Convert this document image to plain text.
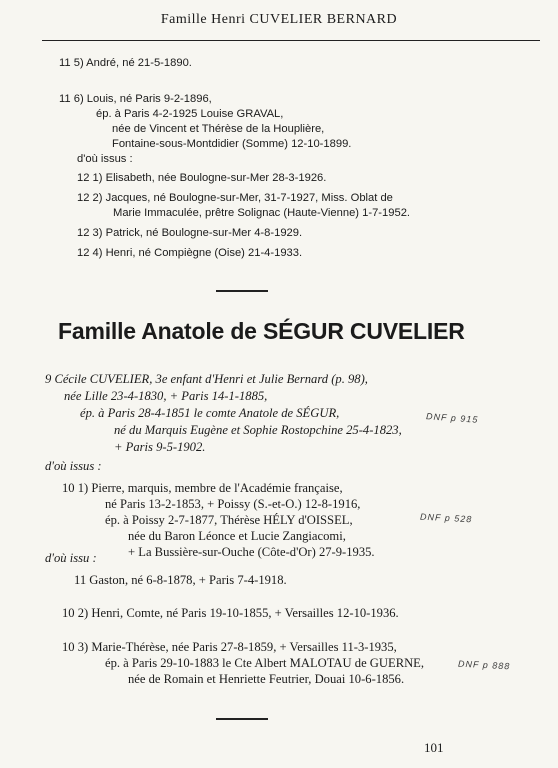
Famille Henri CUVELIER BERNARD
11 5) André, né 21-5-1890.
11 6) Louis, né Paris 9-2-1896,
ép. à Paris 4-2-1925 Louise GRAVAL,
née de Vincent et Thérèse de la Houplière,
Fontaine-sous-Montdidier (Somme) 12-10-1899.
d'où issus :
12 1) Elisabeth, née Boulogne-sur-Mer 28-3-1926.
12 2) Jacques, né Boulogne-sur-Mer, 31-7-1927, Miss. Oblat de
Marie Immaculée, prêtre Solignac (Haute-Vienne) 1-7-1952.
12 3) Patrick, né Boulogne-sur-Mer 4-8-1929.
12 4) Henri, né Compiègne (Oise) 21-4-1933.
Famille Anatole de SÉGUR CUVELIER
9 Cécile CUVELIER, 3e enfant d'Henri et Julie Bernard (p. 98),
née Lille 23-4-1830, + Paris 14-1-1885,
ép. à Paris 28-4-1851 le comte Anatole de SÉGUR,
né du Marquis Eugène et Sophie Rostopchine 25-4-1823,
+ Paris 9-5-1902.
d'où issus :
10 1) Pierre, marquis, membre de l'Académie française,
né Paris 13-2-1853, + Poissy (S.-et-O.) 12-8-1916,
ép. à Poissy 2-7-1877, Thérèse HÉLY d'OISSEL,
née du Baron Léonce et Lucie Zangiacomi,
+ La Bussière-sur-Ouche (Côte-d'Or) 27-9-1935.
d'où issu :
11 Gaston, né 6-8-1878, + Paris 7-4-1918.
10 2) Henri, Comte, né Paris 19-10-1855, + Versailles 12-10-1936.
10 3) Marie-Thérèse, née Paris 27-8-1859, + Versailles 11-3-1935,
ép. à Paris 29-10-1883 le Cte Albert MALOTAU de GUERNE,
née de Romain et Henriette Feutrier, Douai 10-6-1856.
DNF p 915
DNF p 528
DNF p 888
101
